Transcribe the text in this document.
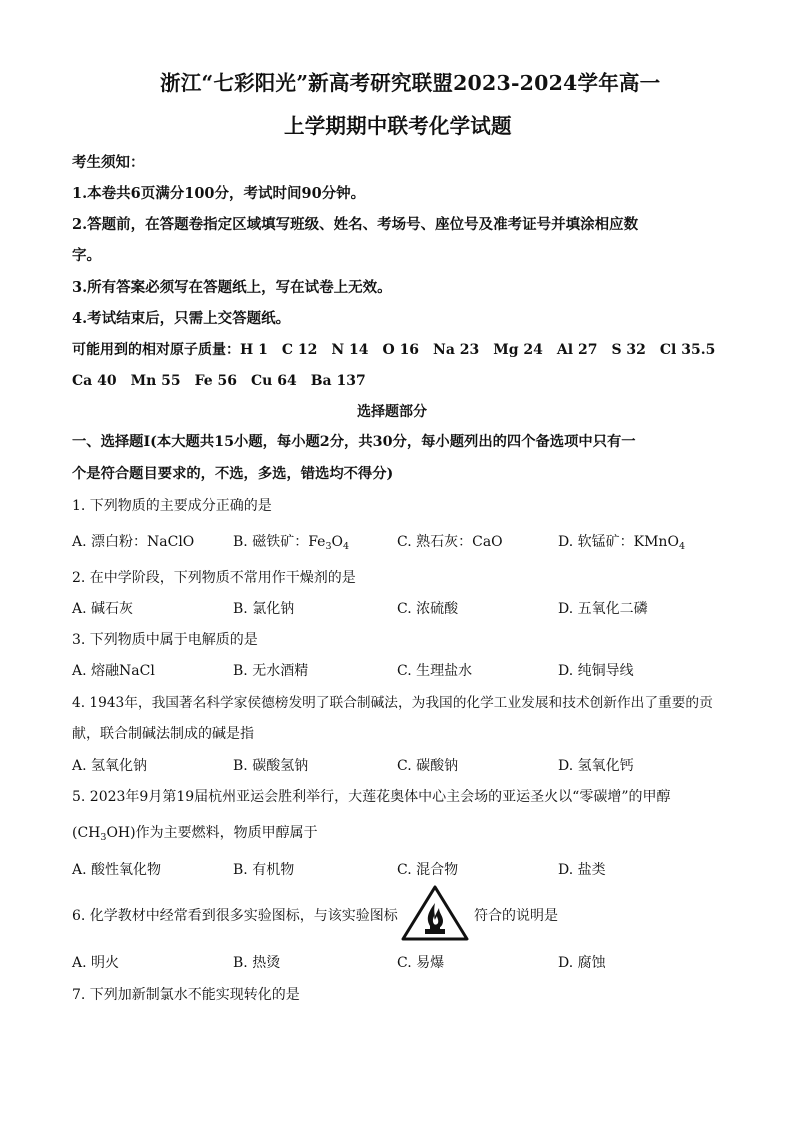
浙江“七彩阳光”新高考研究联盟2023-2024学年高一
上学期期中联考化学试题
考生须知：
1.本卷共6页满分100分，考试时间90分钟。
2.答题前，在答题卷指定区域填写班级、姓名、考场号、座位号及准考证号并填涂相应数
字。
3.所有答案必须写在答题纸上，写在试卷上无效。
4.考试结束后，只需上交答题纸。
可能用到的相对原子质量：H 1　C 12　N 14　O 16　Na 23　Mg 24　Al 27　S 32　Cl 35.5
Ca 40　Mn 55　Fe 56　Cu 64　Ba 137
选择题部分
一、选择题Ⅰ(本大题共15小题，每小题2分，共30分，每小题列出的四个备选项中只有一
个是符合题目要求的，不选，多选，错选均不得分)
1. 下列物质的主要成分正确的是
A. 漂白粉：NaClO	B. 磁铁矿：$Fe_3O_4$	C. 熟石灰：CaO	D. 软锰矿：KMnO$_4$
2. 在中学阶段，下列物质不常用作干燥剂的是
A. 碱石灰	B. 氯化钠	C. 浓硫酸	D. 五氧化二磷
3. 下列物质中属于电解质的是
A. 熔融NaCl	B. 无水酒精	C. 生理盐水	D. 纯铜导线
4. 1943年，我国著名科学家侯德榜发明了联合制碱法，为我国的化学工业发展和技术创新作出了重要的贡
献，联合制碱法制成的碱是指
A. 氢氧化钠	B. 碳酸氢钠	C. 碳酸钠	D. 氢氧化钙
5. 2023年9月第19届杭州亚运会胜利举行，大莲花奥体中心主会场的亚运圣火以“零碳增”的甲醇
$(CH_3OH)$作为主要燃料，物质甲醇属于
A. 酸性氧化物	B. 有机物	C. 混合物	D. 盐类
6. 化学教材中经常看到很多实验图标，与该实验图标	符合的说明是
A. 明火	B. 热烫	C. 易爆	D. 腐蚀
7. 下列加新制氯水不能实现转化的是
